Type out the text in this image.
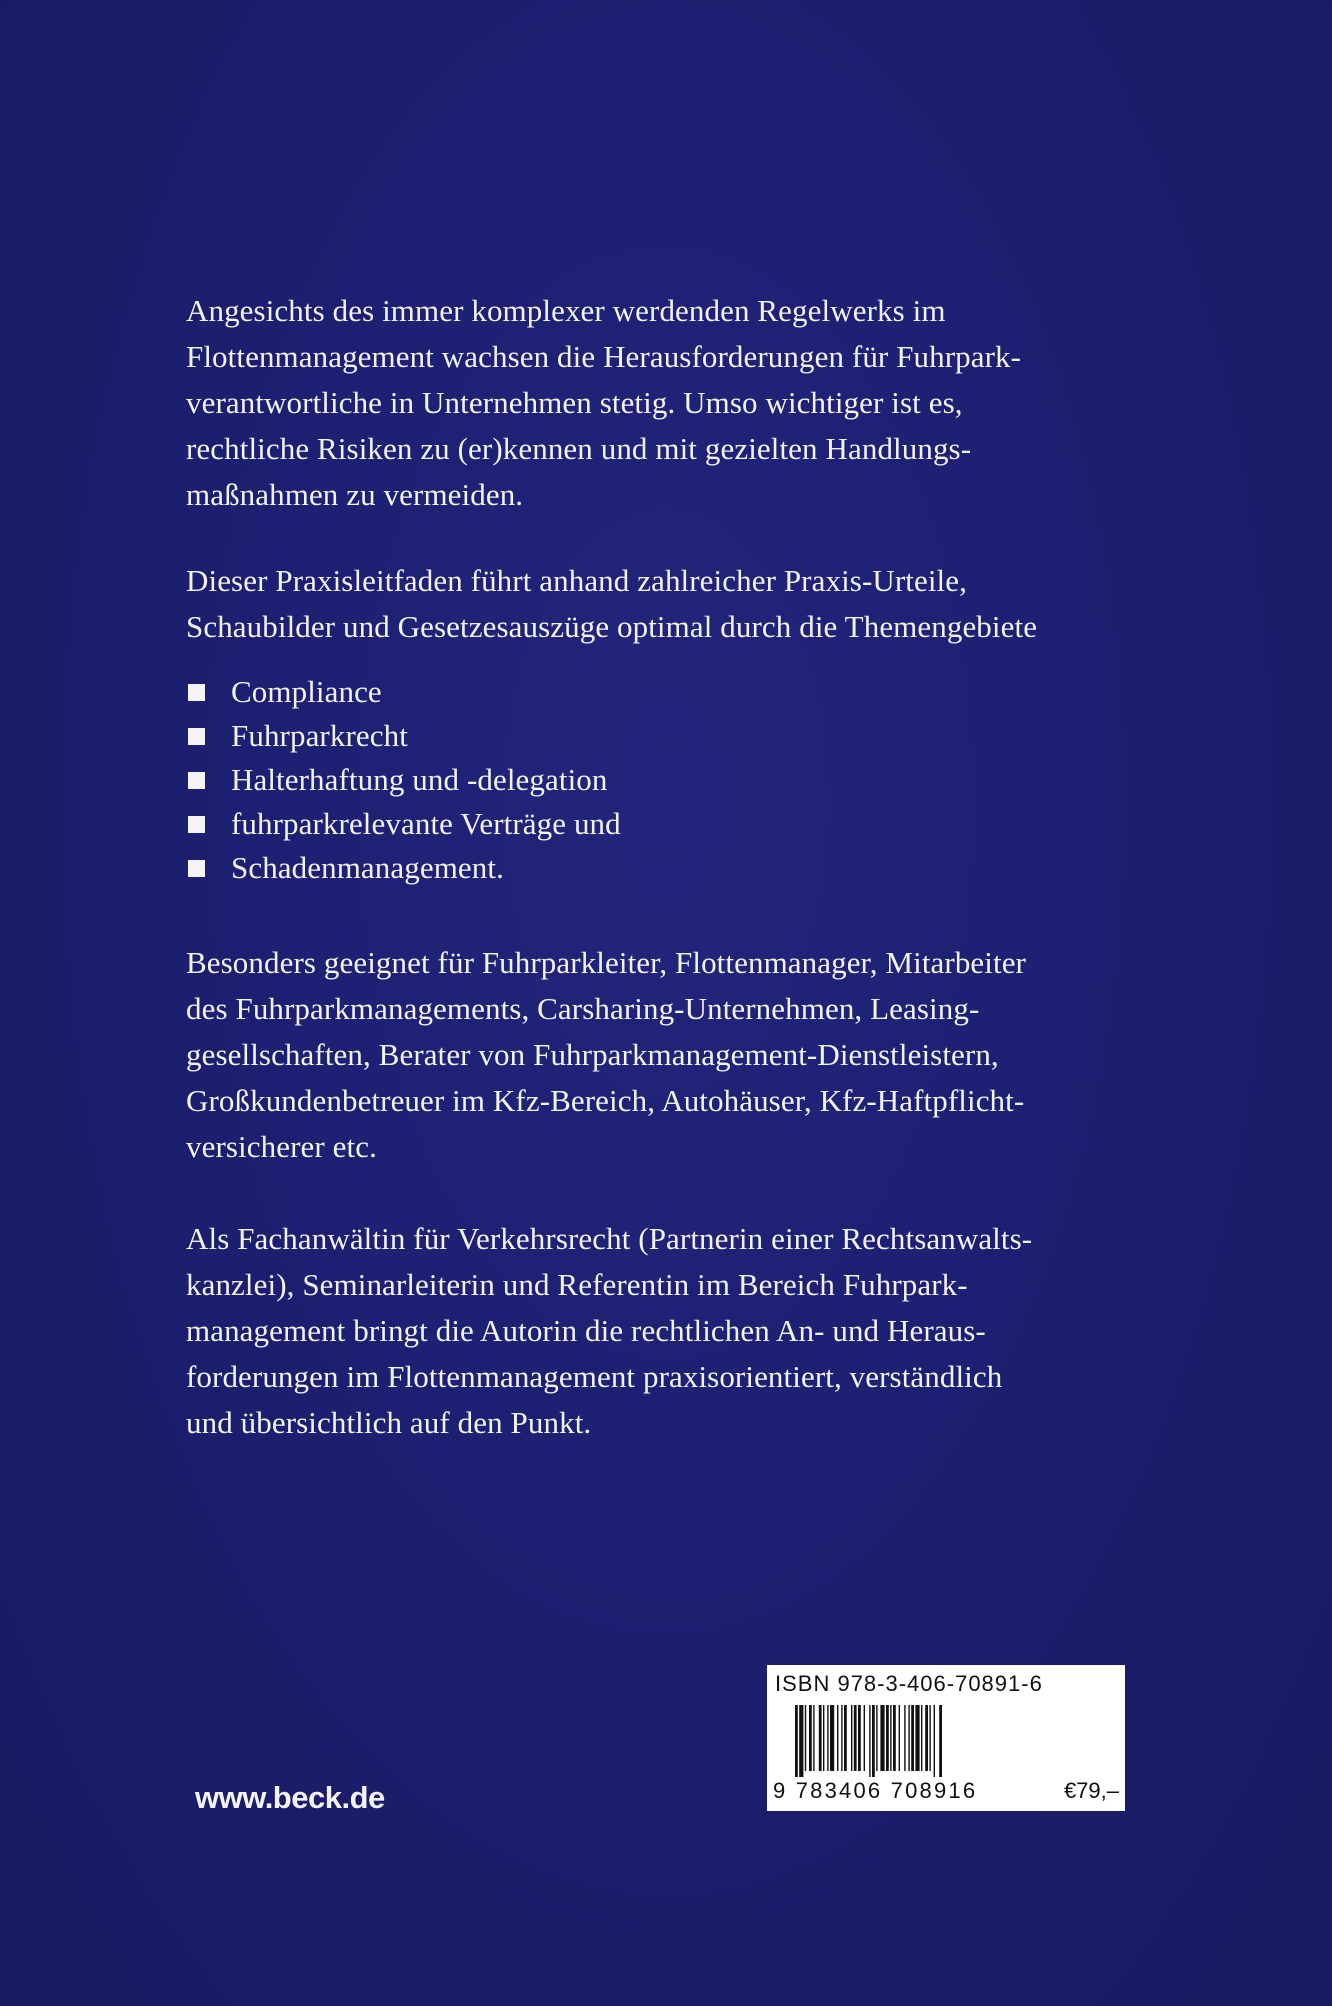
Angesichts des immer komplexer werdenden Regelwerks im
Flottenmanagement wachsen die Herausforderungen für Fuhrpark-
verantwortliche in Unternehmen stetig. Umso wichtiger ist es,
rechtliche Risiken zu (er)kennen und mit gezielten Handlungs-
maßnahmen zu vermeiden.

Dieser Praxisleitfaden führt anhand zahlreicher Praxis-Urteile,
Schaubilder und Gesetzesauszüge optimal durch die Themengebiete

Compliance
Fuhrparkrecht
Halterhaftung und -delegation
fuhrparkrelevante Verträge und
Schadenmanagement.

Besonders geeignet für Fuhrparkleiter, Flottenmanager, Mitarbeiter
des Fuhrparkmanagements, Carsharing-Unternehmen, Leasing-
gesellschaften, Berater von Fuhrparkmanagement-Dienstleistern,
Großkundenbetreuer im Kfz-Bereich, Autohäuser, Kfz-Haftpflicht-
versicherer etc.

Als Fachanwältin für Verkehrsrecht (Partnerin einer Rechtsanwalts-
kanzlei), Seminarleiterin und Referentin im Bereich Fuhrpark-
management bringt die Autorin die rechtlichen An- und Heraus-
forderungen im Flottenmanagement praxisorientiert, verständlich
und übersichtlich auf den Punkt.

www.beck.de
ISBN 978-3-406-70891-6
9 783406 708916	€79,–
